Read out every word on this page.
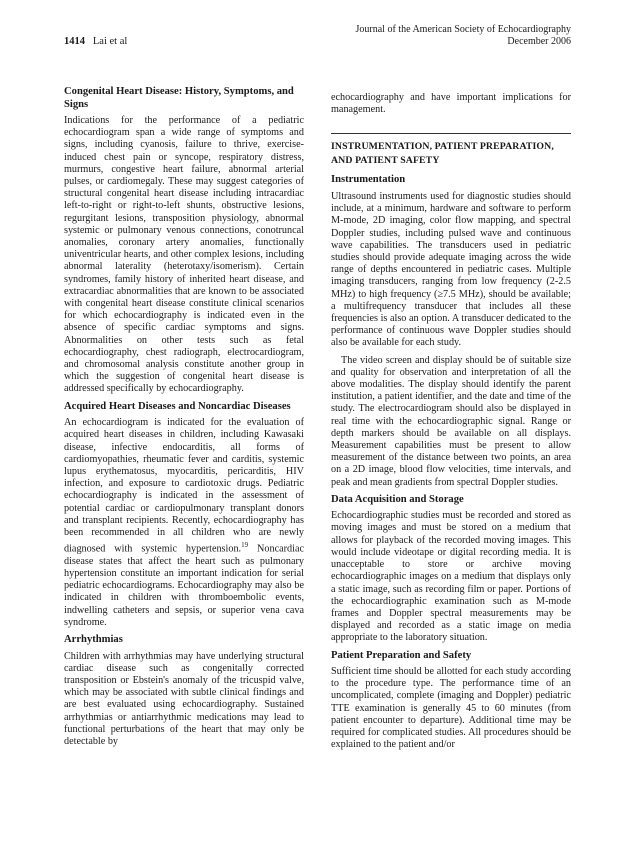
1414 Lai et al
Journal of the American Society of Echocardiography
December 2006
Congenital Heart Disease: History, Symptoms, and Signs
Indications for the performance of a pediatric echocardiogram span a wide range of symptoms and signs, including cyanosis, failure to thrive, exercise-induced chest pain or syncope, respiratory distress, murmurs, congestive heart failure, abnormal arterial pulses, or cardiomegaly. These may suggest categories of structural congenital heart disease including intracardiac left-to-right or right-to-left shunts, obstructive lesions, regurgitant lesions, transposition physiology, abnormal systemic or pulmonary venous connections, conotruncal anomalies, coronary artery anomalies, functionally univentricular hearts, and other complex lesions, including abnormal laterality (heterotaxy/isomerism). Certain syndromes, family history of inherited heart disease, and extracardiac abnormalities that are known to be associated with congenital heart disease constitute clinical scenarios for which echocardiography is indicated even in the absence of specific cardiac symptoms and signs. Abnormalities on other tests such as fetal echocardiography, chest radiograph, electrocardiogram, and chromosomal analysis constitute another group in which the suggestion of congenital heart disease is addressed specifically by echocardiography.
Acquired Heart Diseases and Noncardiac Diseases
An echocardiogram is indicated for the evaluation of acquired heart diseases in children, including Kawasaki disease, infective endocarditis, all forms of cardiomyopathies, rheumatic fever and carditis, systemic lupus erythematosus, myocarditis, pericarditis, HIV infection, and exposure to cardiotoxic drugs. Pediatric echocardiography is indicated in the assessment of potential cardiac or cardiopulmonary transplant donors and transplant recipients. Recently, echocardiography has been recommended in all children who are newly diagnosed with systemic hypertension.$^{19}$ Noncardiac disease states that affect the heart such as pulmonary hypertension constitute an important indication for serial pediatric echocardiograms. Echocardiography may also be indicated in children with thromboembolic events, indwelling catheters and sepsis, or superior vena cava syndrome.
Arrhythmias
Children with arrhythmias may have underlying structural cardiac disease such as congenitally corrected transposition or Ebstein's anomaly of the tricuspid valve, which may be associated with subtle clinical findings and are best evaluated using echocardiography. Sustained arrhythmias or antiarrhythmic medications may lead to functional perturbations of the heart that may only be detectable by
echocardiography and have important implications for management.
INSTRUMENTATION, PATIENT PREPARATION, AND PATIENT SAFETY
Instrumentation
Ultrasound instruments used for diagnostic studies should include, at a minimum, hardware and software to perform M-mode, 2D imaging, color flow mapping, and spectral Doppler studies, including pulsed wave and continuous wave capabilities. The transducers used in pediatric studies should provide adequate imaging across the wide range of depths encountered in pediatric cases. Multiple imaging transducers, ranging from low frequency (2-2.5 MHz) to high frequency (≥7.5 MHz), should be available; a multifrequency transducer that includes all these frequencies is also an option. A transducer dedicated to the performance of continuous wave Doppler studies should also be available for each study.
The video screen and display should be of suitable size and quality for observation and interpretation of all the above modalities. The display should identify the parent institution, a patient identifier, and the date and time of the study. The electrocardiogram should also be displayed in real time with the echocardiographic signal. Range or depth markers should be available on all displays. Measurement capabilities must be present to allow measurement of the distance between two points, an area on a 2D image, blood flow velocities, time intervals, and peak and mean gradients from spectral Doppler studies.
Data Acquisition and Storage
Echocardiographic studies must be recorded and stored as moving images and must be stored on a medium that allows for playback of the recorded moving images. This would include videotape or digital recording media. It is unacceptable to store or archive moving echocardiographic images on a medium that displays only a static image, such as recording film or paper. Portions of the echocardiographic examination such as M-mode frames and Doppler spectral measurements may be displayed and recorded as a static image on media appropriate to the laboratory situation.
Patient Preparation and Safety
Sufficient time should be allotted for each study according to the procedure type. The performance time of an uncomplicated, complete (imaging and Doppler) pediatric TTE examination is generally 45 to 60 minutes (from patient encounter to departure). Additional time may be required for complicated studies. All procedures should be explained to the patient and/or
